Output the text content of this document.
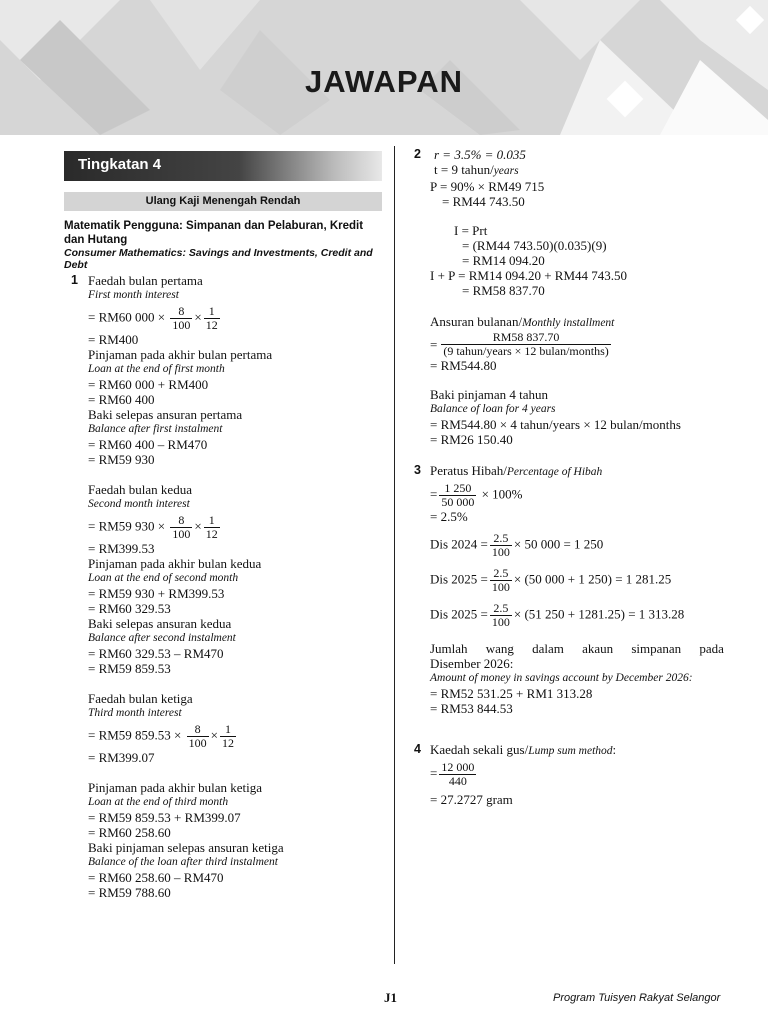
JAWAPAN
Tingkatan 4
Ulang Kaji Menengah Rendah
Matematik Pengguna: Simpanan dan Pelaburan, Kredit dan Hutang
Consumer Mathematics: Savings and Investments, Credit and Debt
1 Faedah bulan pertama
First month interest
= RM60 $000 \times \frac{8}{100} \times \frac{1}{12}$
= RM400
Pinjaman pada akhir bulan pertama
Loan at the end of first month
= RM60 000 + RM400
= RM60 400
Baki selepas ansuran pertama
Balance after first instalment
= RM60 400 – RM470
= RM59 930
Faedah bulan kedua
Second month interest
= RM59 $930 \times \frac{8}{100} \times \frac{1}{12}$
= RM399.53
Pinjaman pada akhir bulan kedua
Loan at the end of second month
= RM59 930 + RM399.53
= RM60 329.53
Baki selepas ansuran kedua
Balance after second instalment
= RM60 329.53 – RM470
= RM59 859.53
Faedah bulan ketiga
Third month interest
= RM59 $859.53 \times \frac{8}{100} \times \frac{1}{12}$
= RM399.07
Pinjaman pada akhir bulan ketiga
Loan at the end of third month
= RM59 859.53 + RM399.07
= RM60 258.60
Baki pinjaman selepas ansuran ketiga
Balance of the loan after third instalment
= RM60 258.60 – RM470
= RM59 788.60
2	r = 3.5% = 0.035
t = 9 tahun/years
P = 90% × RM49 715
= RM44 743.50
I = Prt
= (RM44 743.50)(0.035)(9)
= RM14 094.20
I + P = RM14 094.20 + RM44 743.50
= RM58 837.70
Ansuran bulanan/Monthly installment
= $\frac{RM58 837.70}{\text{(9 tahun/years × 12 bulan/months)}}$
= RM544.80
Baki pinjaman 4 tahun
Balance of loan for 4 years
= RM544.80 × 4 tahun/years × 12 bulan/months
= RM26 150.40
3 Peratus Hibah/Percentage of Hibah
= $\frac{1 250}{50 000} \times 100\%$
= 2.5%
Dis $2024 = \frac{2.5}{100} \times 50$ 000 = 1 250
Dis $2025 = \frac{2.5}{100} \times (50$ 000 + 1 250) = 1 281.25
Dis $2025 = \frac{2.5}{100} \times (51$ 250 + 1281.25) = 1 313.28
Jumlah wang dalam akaun simpanan pada
Disember 2026:
Amount of money in savings account by December 2026:
= RM52 531.25 + RM1 313.28
= RM53 844.53
4 Kaedah sekali gus/Lump sum method:
= $\frac{12 000}{440}$
= 27.2727 gram
J1	Program Tuisyen Rakyat Selangor
